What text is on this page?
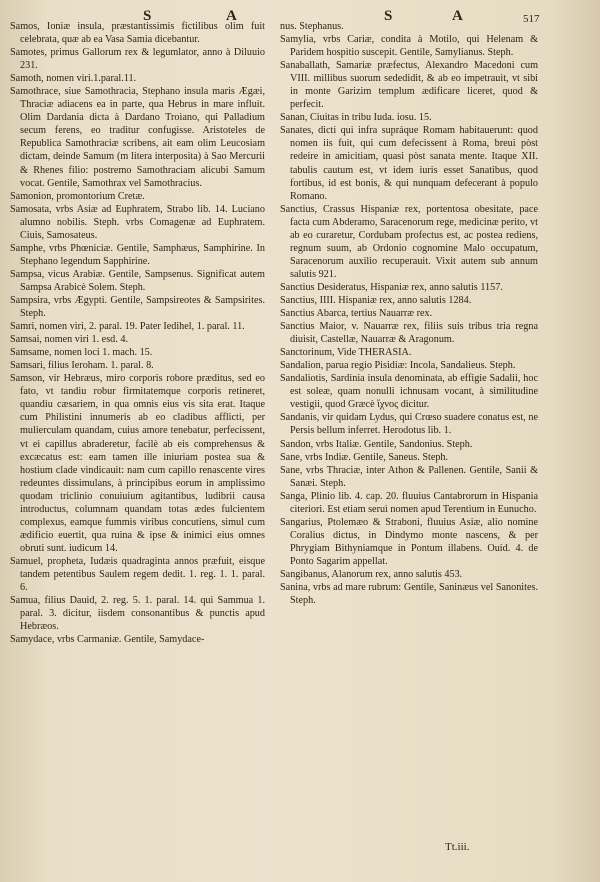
S	A	S	A	517

Samos, Ioniæ insula, præstantissimis fictilibus olim fuit celebrata, quæ ab ea Vasa Samia dicebantur.

Samotes, primus Gallorum rex & legumlator, anno à Diluuio 231.

Samoth, nomen viri.1.paral.11.

Samothrace, siue Samothracia, Stephano insula maris Ægæi, Thraciæ adiacens ea in parte, qua Hebrus in mare influit. Olim Dardania dicta à Dardano Troiano, qui Palladium secum ferens, eo traditur confugisse. Aristoteles de Republica Samothraciæ scribens, ait eam olim Leucosiam dictam, deinde Samum (m litera interposita) à Sao Mercurii & Rhenes filio: postremo Samothraciam alicubi Samum vocat. Gentile, Samothrax vel Samothracius.

Samonion, promontorium Cretæ.

Samosata, vrbs Asiæ ad Euphratem, Strabo lib. 14. Luciano alumno nobilis. Steph. vrbs Comagenæ ad Euphratem. Ciuis, Samosateus.

Samphe, vrbs Phœniciæ. Gentile, Samphæus, Samphirine. In Stephano legendum Sapphirine.

Sampsa, vicus Arabiæ. Gentile, Sampsenus. Significat autem Sampsa Arabicè Solem. Steph.

Sampsira, vrbs Ægypti. Gentile, Sampsireotes & Sampsirites. Steph.

Samri, nomen viri, 2. paral. 19. Pater Iedihel, 1. paral. 11.

Samsai, nomen viri 1. esd. 4.

Samsame, nomen loci 1. mach. 15.

Samsari, filius Ieroham. 1. paral. 8.

Samson, vir Hebræus, miro corporis robore præditus, sed eo fato, vt tandiu robur firmitatemque corporis retineret, quandiu cæsariem, in qua omnis eius vis sita erat. Itaque cum Philistini innumeris ab eo cladibus afflicti, per mulierculam quandam, cuius amore tenebatur, perfecissent, vt ei capillus abraderetur, facilè ab eis comprehensus & excæcatus est: eam tamen ille iniuriam postea sua & hostium clade vindicauit: nam cum capillo renascente vires redeuntes dissimulans, à principibus eorum in amplissimo quodam triclinio conuiuium agitantibus, ludibrii causa introductus, columnam quandam totas ædes fulcientem complexus, eamque fummis viribus concutiens, simul cum ædificio euertit, qua ruina & ipse & inimici eius omnes obruti sunt. iudicum 14.

Samuel, propheta, Iudæis quadraginta annos præfuit, eisque tandem petentibus Saulem regem dedit. 1. reg. 1. 1. paral. 6.

Samua, filius Dauid, 2. reg. 5. 1. paral. 14. qui Sammua 1. paral. 3. dicitur, iisdem consonantibus & punctis apud Hebræos.

Samydace, vrbs Carmaniæ. Gentile, Samydace-

nus. Stephanus.

Samylia, vrbs Cariæ, condita à Motilo, qui Helenam & Paridem hospitio suscepit. Gentile, Samylianus. Steph.

Sanaballath, Samariæ præfectus, Alexandro Macedoni cum VIII. millibus suorum sededidit, & ab eo impetrauit, vt sibi in monte Garizim templum ædificare liceret, quod & perfecit.

Sanan, Ciuitas in tribu Iuda. iosu. 15.

Sanates, dicti qui infra supráque Romam habitauerunt: quod nomen iis fuit, qui cum defecissent à Roma, breui pòst redeire in amicitiam, quasi pòst sanata mente. Itaque XII. tabulis cautum est, vt idem iuris esset Sanatibus, quod fortibus, id est bonis, & qui nunquam defecerant à populo Romano.

Sanctius, Crassus Hispaniæ rex, portentosa obesitate, pace facta cum Abderamo, Saracenorum rege, medicinæ perito, vt ab eo curaretur, Cordubam profectus est, ac postea rediens, regnum suum, ab Ordonio cognomine Malo occupatum, Saracenorum auxilio recuperauit. Vixit autem sub annum salutis 921.

Sanctius Desideratus, Hispaniæ rex, anno salutis 1157.

Sanctius, IIII. Hispaniæ rex, anno salutis 1284.

Sanctius Abarca, tertius Nauarræ rex.

Sanctius Maior, v. Nauarræ rex, filiis suis tribus tria regna diuisit, Castellæ, Nauarræ & Aragonum.

Sanctorinum, Vide THERASIA.

Sandalion, parua regio Pisidiæ: Incola, Sandalieus. Steph.

Sandaliotis, Sardinia insula denominata, ab effigie Sadalii, hoc est soleæ, quam nonulli ichnusam vocant, à similitudine vestigii, quod Græcè ἴχνος dicitur.

Sandanis, vir quidam Lydus, qui Crœso suadere conatus est, ne Persis bellum inferret. Herodotus lib. 1.

Sandon, vrbs Italiæ. Gentile, Sandonius. Steph.

Sane, vrbs Indiæ. Gentile, Saneus. Steph.

Sane, vrbs Thraciæ, inter Athon & Pallenen. Gentile, Sanii & Sanæi. Steph.

Sanga, Plinio lib. 4. cap. 20. fluuius Cantabrorum in Hispania citeriori. Est etiam seruì nomen apud Terentium in Eunucho.

Sangarius, Ptolemæo & Straboni, fluuius Asiæ, alio nomine Coralius dictus, in Dindymo monte nascens, & per Phrygiam Bithyniamque in Pontum illabens. Ouid. 4. de Ponto Sagarim appellat.

Sangibanus, Alanorum rex, anno salutis 453.

Sanina, vrbs ad mare rubrum: Gentile, Saninæus vel Sanonites. Steph.

Tt.iii.
